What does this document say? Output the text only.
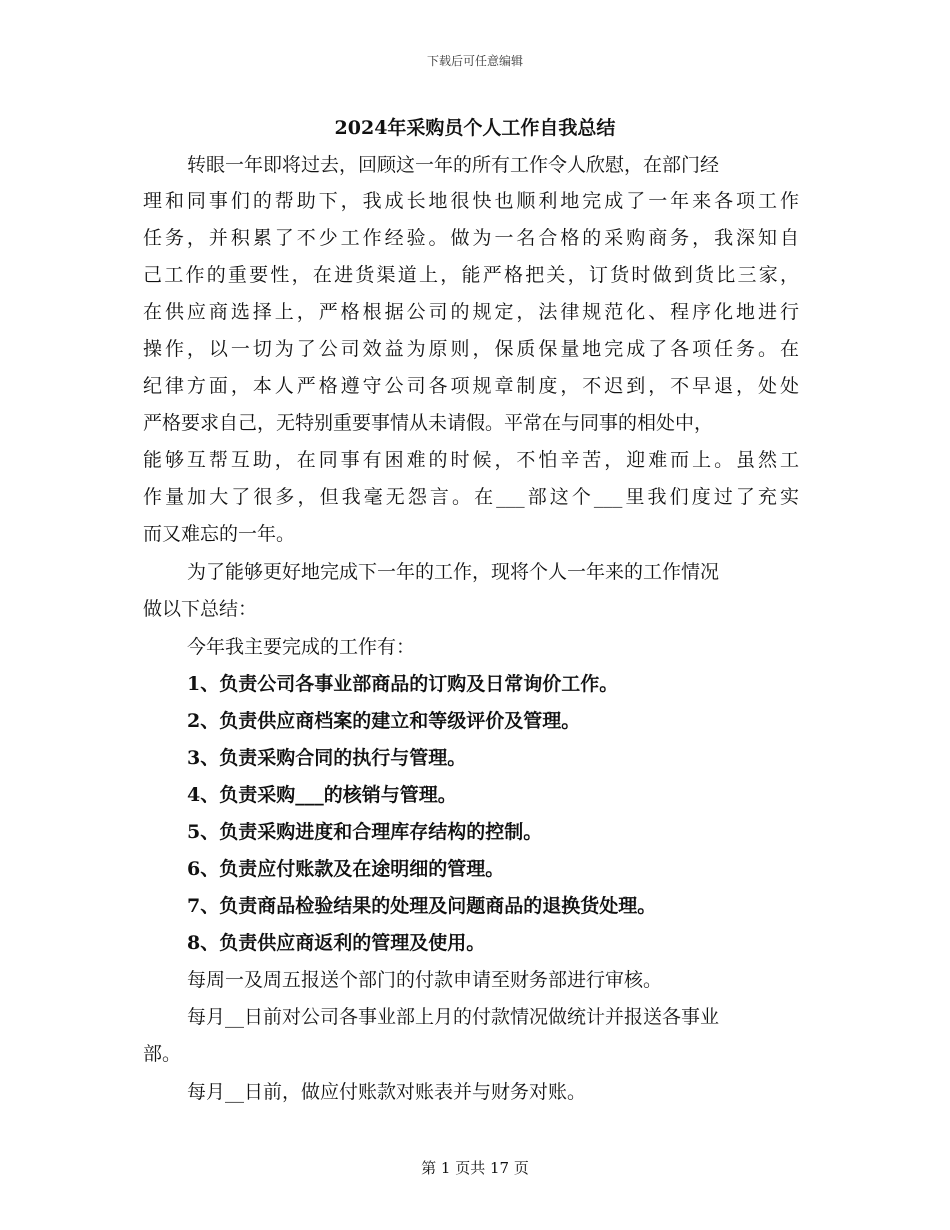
下载后可任意编辑
2024年采购员个人工作自我总结
转眼一年即将过去，回顾这一年的所有工作令人欣慰，在部门经
理和同事们的帮助下，我成长地很快也顺利地完成了一年来各项工作
任务，并积累了不少工作经验。做为一名合格的采购商务，我深知自
己工作的重要性，在进货渠道上，能严格把关，订货时做到货比三家，
在供应商选择上，严格根据公司的规定，法律规范化、程序化地进行
操作，以一切为了公司效益为原则，保质保量地完成了各项任务。在
纪律方面，本人严格遵守公司各项规章制度，不迟到，不早退，处处
严格要求自己，无特别重要事情从未请假。平常在与同事的相处中，
能够互帮互助，在同事有困难的时候，不怕辛苦，迎难而上。虽然工
作量加大了很多，但我毫无怨言。在___部这个___里我们度过了充实
而又难忘的一年。
为了能够更好地完成下一年的工作，现将个人一年来的工作情况
做以下总结：
今年我主要完成的工作有：
1、负责公司各事业部商品的订购及日常询价工作。
2、负责供应商档案的建立和等级评价及管理。
3、负责采购合同的执行与管理。
4、负责采购___的核销与管理。
5、负责采购进度和合理库存结构的控制。
6、负责应付账款及在途明细的管理。
7、负责商品检验结果的处理及问题商品的退换货处理。
8、负责供应商返利的管理及使用。
每周一及周五报送个部门的付款申请至财务部进行审核。
每月__日前对公司各事业部上月的付款情况做统计并报送各事业
部。
每月__日前，做应付账款对账表并与财务对账。
第 1 页共 17 页
